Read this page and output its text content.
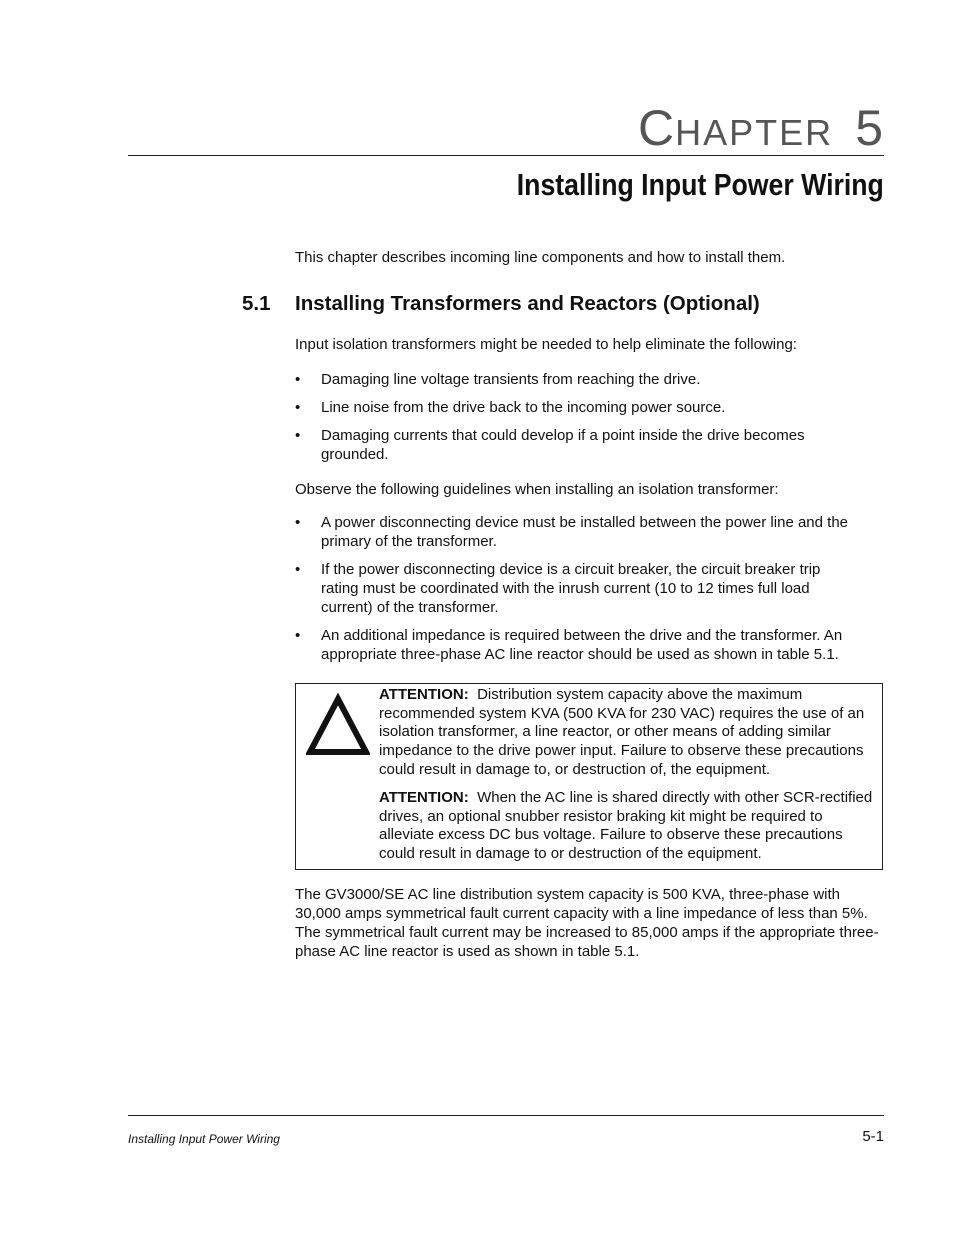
CHAPTER 5
Installing Input Power Wiring
This chapter describes incoming line components and how to install them.
5.1 Installing Transformers and Reactors (Optional)
Input isolation transformers might be needed to help eliminate the following:
• Damaging line voltage transients from reaching the drive.
• Line noise from the drive back to the incoming power source.
• Damaging currents that could develop if a point inside the drive becomes grounded.
Observe the following guidelines when installing an isolation transformer:
• A power disconnecting device must be installed between the power line and the primary of the transformer.
• If the power disconnecting device is a circuit breaker, the circuit breaker trip rating must be coordinated with the inrush current (10 to 12 times full load current) of the transformer.
• An additional impedance is required between the drive and the transformer. An appropriate three-phase AC line reactor should be used as shown in table 5.1.
ATTENTION: Distribution system capacity above the maximum recommended system KVA (500 KVA for 230 VAC) requires the use of an isolation transformer, a line reactor, or other means of adding similar impedance to the drive power input. Failure to observe these precautions could result in damage to, or destruction of, the equipment.
ATTENTION: When the AC line is shared directly with other SCR-rectified drives, an optional snubber resistor braking kit might be required to alleviate excess DC bus voltage. Failure to observe these precautions could result in damage to or destruction of the equipment.
The GV3000/SE AC line distribution system capacity is 500 KVA, three-phase with 30,000 amps symmetrical fault current capacity with a line impedance of less than 5%. The symmetrical fault current may be increased to 85,000 amps if the appropriate three-phase AC line reactor is used as shown in table 5.1.
Installing Input Power Wiring	5-1
